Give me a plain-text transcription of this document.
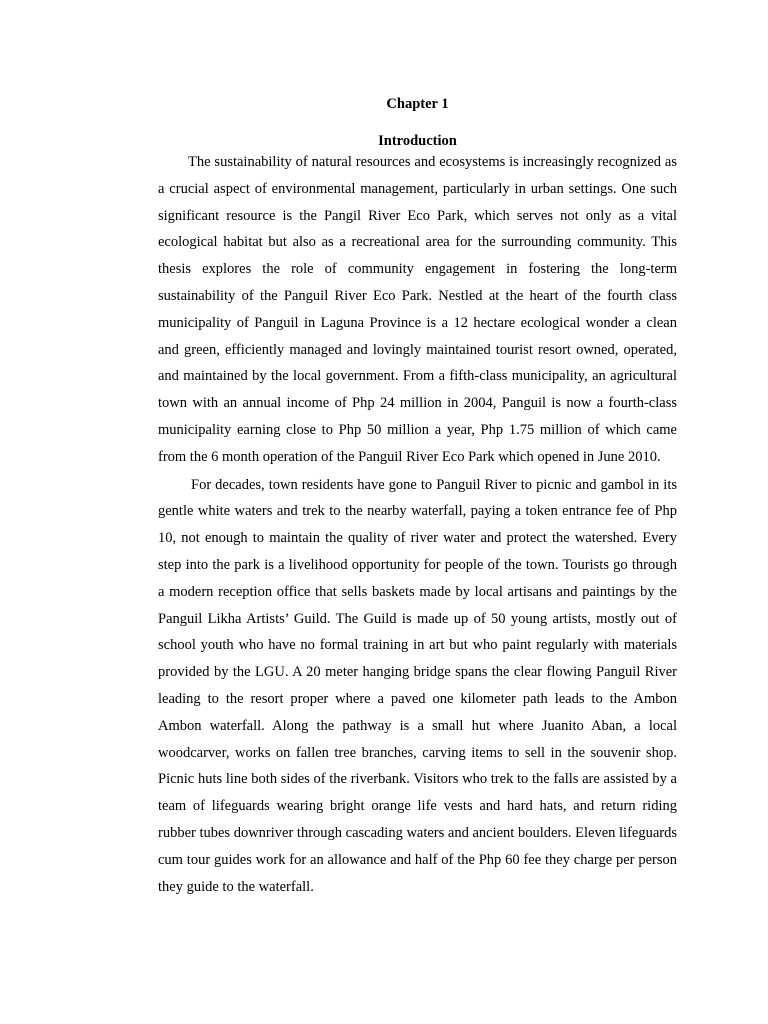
Chapter 1
Introduction

The sustainability of natural resources and ecosystems is increasingly recognized as a crucial aspect of environmental management, particularly in urban settings. One such significant resource is the Pangil River Eco Park, which serves not only as a vital ecological habitat but also as a recreational area for the surrounding community. This thesis explores the role of community engagement in fostering the long-term sustainability of the Panguil River Eco Park. Nestled at the heart of the fourth class municipality of Panguil in Laguna Province is a 12 hectare ecological wonder a clean and green, efficiently managed and lovingly maintained tourist resort owned, operated, and maintained by the local government. From a fifth-class municipality, an agricultural town with an annual income of Php 24 million in 2004, Panguil is now a fourth-class municipality earning close to Php 50 million a year, Php 1.75 million of which came from the 6 month operation of the Panguil River Eco Park which opened in June 2010.

For decades, town residents have gone to Panguil River to picnic and gambol in its gentle white waters and trek to the nearby waterfall, paying a token entrance fee of Php 10, not enough to maintain the quality of river water and protect the watershed. Every step into the park is a livelihood opportunity for people of the town. Tourists go through a modern reception office that sells baskets made by local artisans and paintings by the Panguil Likha Artists’ Guild. The Guild is made up of 50 young artists, mostly out of school youth who have no formal training in art but who paint regularly with materials provided by the LGU. A 20 meter hanging bridge spans the clear flowing Panguil River leading to the resort proper where a paved one kilometer path leads to the Ambon Ambon waterfall. Along the pathway is a small hut where Juanito Aban, a local woodcarver, works on fallen tree branches, carving items to sell in the souvenir shop. Picnic huts line both sides of the riverbank. Visitors who trek to the falls are assisted by a team of lifeguards wearing bright orange life vests and hard hats, and return riding rubber tubes downriver through cascading waters and ancient boulders. Eleven lifeguards cum tour guides work for an allowance and half of the Php 60 fee they charge per person they guide to the waterfall.
